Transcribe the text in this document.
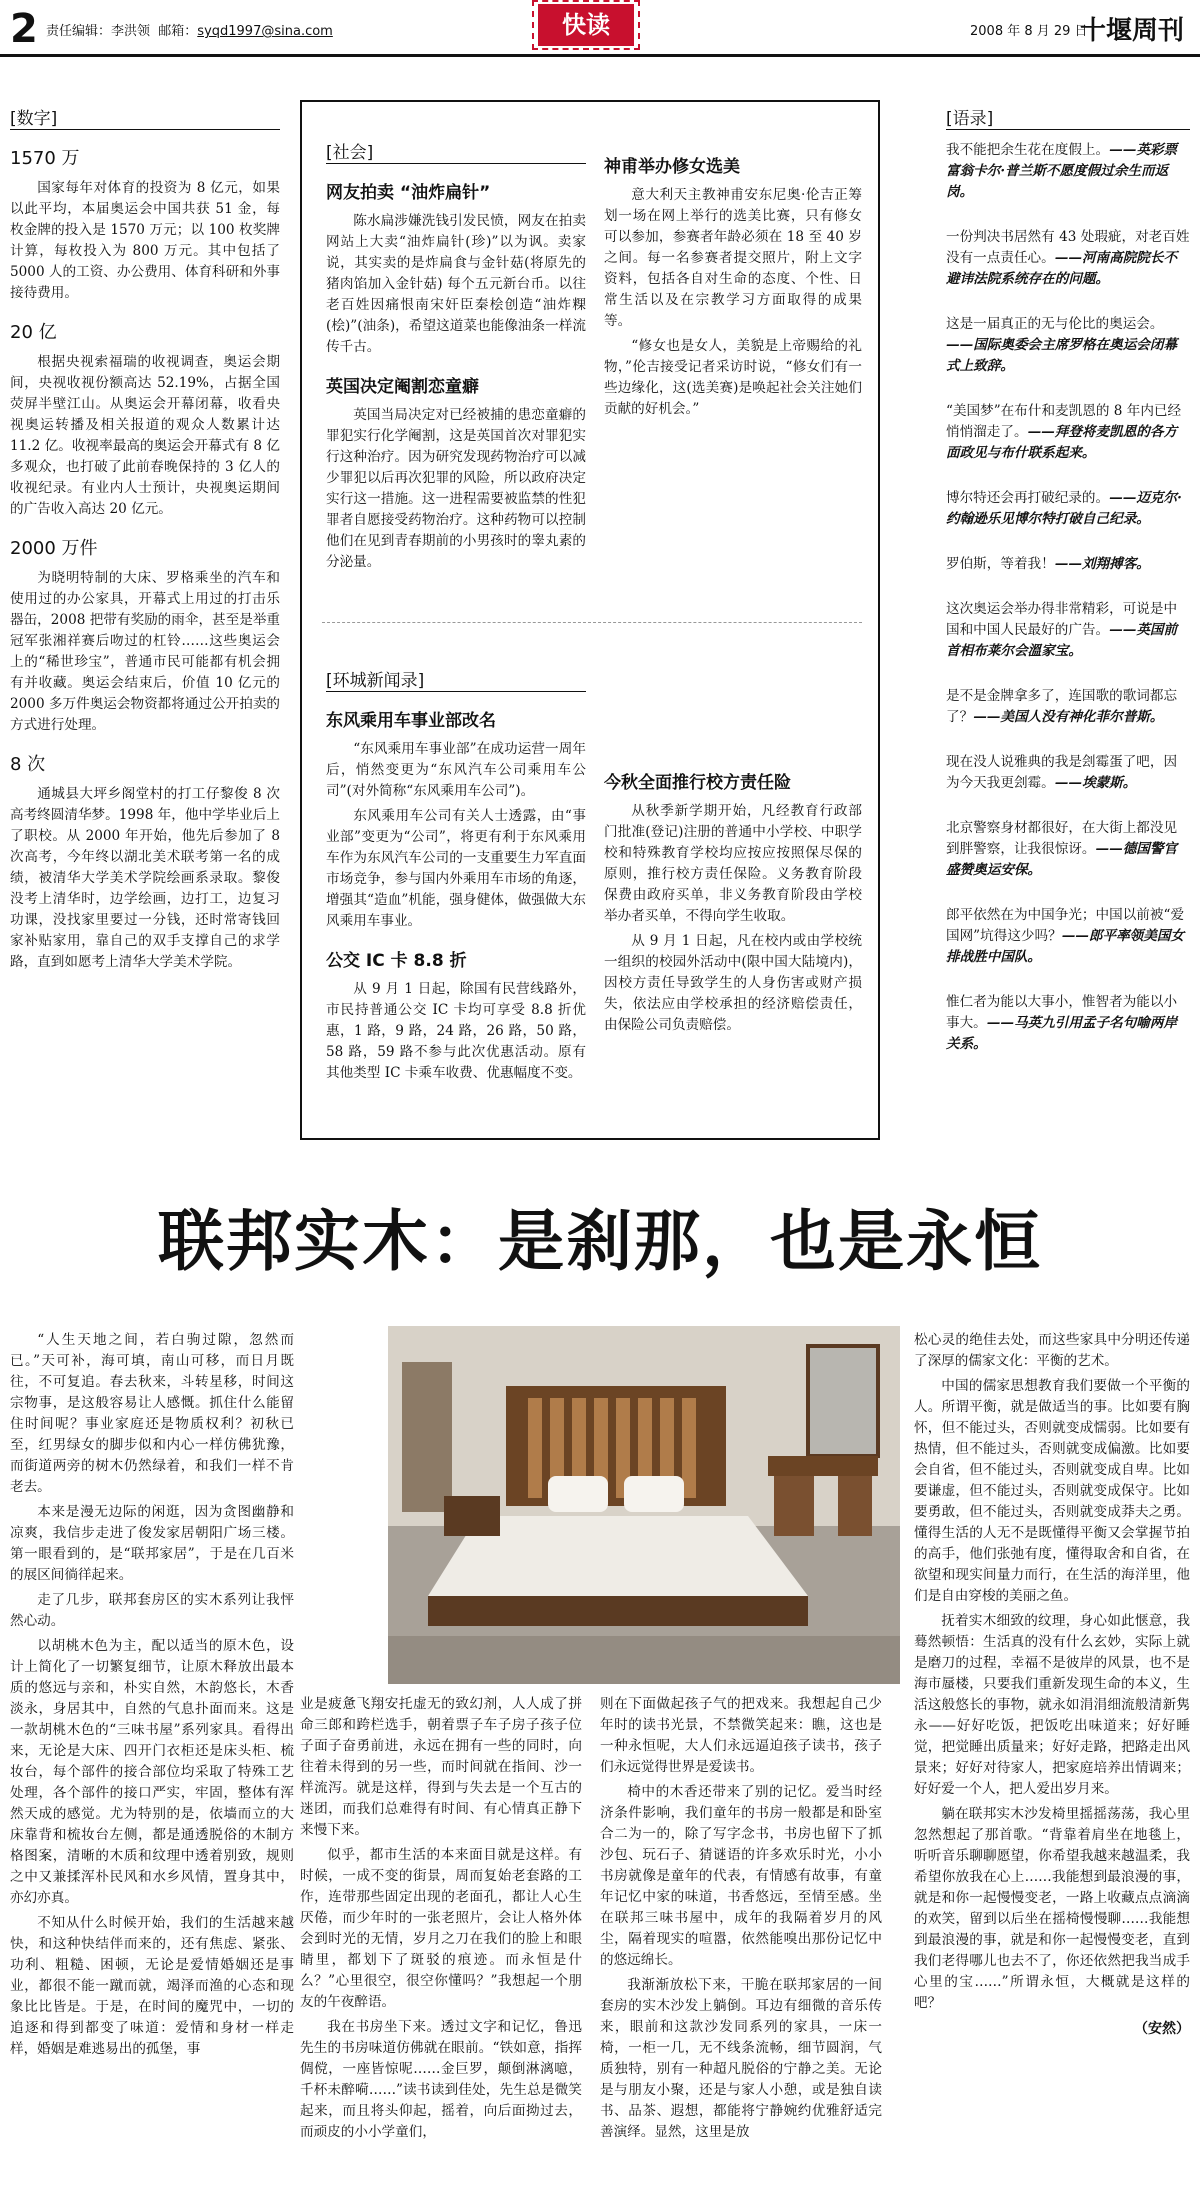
2 责任编辑：李洪领 邮箱：syqd1997@sina.com	快读	2008 年 8 月 29 日
十堰周刊
[数字]
1570 万

国家每年对体育的投资为 8 亿元，如果以此平均，本届奥运会中国共获 51 金，每枚金牌的投入是 1570 万元；以 100 枚奖牌计算，每枚投入为 800 万元。其中包括了 5000 人的工资、办公费用、体育科研和外事接待费用。

20 亿

根据央视索福瑞的收视调查，奥运会期间，央视收视份额高达 52.19%，占据全国荧屏半壁江山。从奥运会开幕闭幕，收看央视奥运转播及相关报道的观众人数累计达 11.2 亿。收视率最高的奥运会开幕式有 8 亿多观众，也打破了此前春晚保持的 3 亿人的收视纪录。有业内人士预计，央视奥运期间的广告收入高达 20 亿元。

2000 万件

为晓明特制的大床、罗格乘坐的汽车和使用过的办公家具，开幕式上用过的打击乐器缶，2008 把带有奖励的雨伞，甚至是举重冠军张湘祥赛后吻过的杠铃……这些奥运会上的“稀世珍宝”，普通市民可能都有机会拥有并收藏。奥运会结束后，价值 10 亿元的 2000 多万件奥运会物资都将通过公开拍卖的方式进行处理。

8 次

通城县大坪乡阁堂村的打工仔黎俊 8 次高考终圆清华梦。1998 年，他中学毕业后上了职校。从 2000 年开始，他先后参加了 8 次高考，今年终以湖北美术联考第一名的成绩，被清华大学美术学院绘画系录取。黎俊没考上清华时，边学绘画，边打工，边复习功课，没找家里要过一分钱，还时常寄钱回家补贴家用，靠自己的双手支撑自己的求学路，直到如愿考上清华大学美术学院。

[社会]
网友拍卖 “油炸扁针”

陈水扁涉嫌洗钱引发民愤，网友在拍卖网站上大卖“油炸扁针(珍)”以为讽。卖家说，其实卖的是炸扁食与金针菇(将原先的猪肉馅加入金针菇) 每个五元新台币。以往老百姓因痛恨南宋奸臣秦桧创造“油炸粿(桧)”(油条)，希望这道菜也能像油条一样流传千古。

英国决定阉割恋童癖

英国当局决定对已经被捕的患恋童癖的罪犯实行化学阉割，这是英国首次对罪犯实行这种治疗。因为研究发现药物治疗可以减少罪犯以后再次犯罪的风险，所以政府决定实行这一措施。这一进程需要被监禁的性犯罪者自愿接受药物治疗。这种药物可以控制他们在见到青春期前的小男孩时的睾丸素的分泌量。

神甫举办修女选美

意大利天主教神甫安东尼奥·伦吉正筹划一场在网上举行的选美比赛，只有修女可以参加，参赛者年龄必须在 18 至 40 岁之间。每一名参赛者提交照片，附上文字资料，包括各自对生命的态度、个性、日常生活以及在宗教学习方面取得的成果等。

“修女也是女人，美貌是上帝赐给的礼物，”伦吉接受记者采访时说，“修女们有一些边缘化，这(选美赛)是唤起社会关注她们贡献的好机会。”

[环城新闻录]
东风乘用车事业部改名

“东风乘用车事业部”在成功运营一周年后，悄然变更为“东风汽车公司乘用车公司”(对外简称“东风乘用车公司”)。

东风乘用车公司有关人士透露，由“事业部”变更为“公司”，将更有利于东风乘用车作为东风汽车公司的一支重要生力军直面市场竞争，参与国内外乘用车市场的角逐，增强其“造血”机能，强身健体，做强做大东风乘用车事业。

公交 IC 卡 8.8 折

从 9 月 1 日起，除国有民营线路外，市民持普通公交 IC 卡均可享受 8.8 折优惠，1 路，9 路，24 路，26 路，50 路，58 路，59 路不参与此次优惠活动。原有其他类型 IC 卡乘车收费、优惠幅度不变。

今秋全面推行校方责任险

从秋季新学期开始，凡经教育行政部门批准(登记)注册的普通中小学校、中职学校和特殊教育学校均应按应按照保尽保的原则，推行校方责任保险。义务教育阶段保费由政府买单，非义务教育阶段由学校举办者买单，不得向学生收取。

从 9 月 1 日起，凡在校内或由学校统一组织的校园外活动中(限中国大陆境内)，因校方责任导致学生的人身伤害或财产损失，依法应由学校承担的经济赔偿责任，由保险公司负责赔偿。

[语录]
我不能把余生花在度假上。——英彩票富翁卡尔·普兰斯不愿度假过余生而返岗。
一份判决书居然有 43 处瑕疵，对老百姓没有一点责任心。——河南高院院长不避讳法院系统存在的问题。
这是一届真正的无与伦比的奥运会。——国际奥委会主席罗格在奥运会闭幕式上致辞。
“美国梦”在布什和麦凯恩的 8 年内已经悄悄溜走了。——拜登将麦凯恩的各方面政见与布什联系起来。
博尔特还会再打破纪录的。——迈克尔·约翰逊乐见博尔特打破自己纪录。
罗伯斯，等着我！——刘翔搏客。
这次奥运会举办得非常精彩，可说是中国和中国人民最好的广告。——英国前首相布莱尔会溫家宝。
是不是金牌拿多了，连国歌的歌词都忘了？——美国人没有神化菲尔普斯。
现在没人说雅典的我是刽霉蛋了吧，因为今天我更刽霉。——埃蒙斯。
北京警察身材都很好，在大街上都没见到胖警察，让我很惊讶。——德国警官盛赞奥运安保。
郎平依然在为中国争光；中国以前被“爱国网”坑得这少吗？——郎平率领美国女排战胜中国队。
惟仁者为能以大事小，惟智者为能以小事大。——马英九引用孟子名句喻两岸关系。
联邦实木：是刹那，也是永恒

“人生天地之间，若白驹过隙，忽然而已。”天可补，海可填，南山可移，而日月既往，不可复追。春去秋来，斗转星移，时间这宗物事，是这般容易让人感慨。抓住什么能留住时间呢？事业家庭还是物质权利？初秋已至，红男绿女的脚步似和内心一样仿佛犹豫，而街道两旁的树木仍然绿着，和我们一样不肯老去。

本来是漫无边际的闲逛，因为贪图幽静和凉爽，我信步走进了俊发家居朝阳广场三楼。第一眼看到的，是“联邦家居”，于是在几百米的展区间徜徉起来。

走了几步，联邦套房区的实木系列让我怦然心动。

以胡桃木色为主，配以适当的原木色，设计上简化了一切繁复细节，让原木释放出最本质的悠远与亲和，朴实自然，木韵悠长，木香淡永，身居其中，自然的气息扑面而来。这是一款胡桃木色的“三味书屋”系列家具。看得出来，无论是大床、四开门衣柜还是床头柜、梳妆台，每个部件的接合部位均采取了特殊工艺处理，各个部件的接口严实，牢固，整体有浑然天成的感觉。尤为特别的是，依墙而立的大床靠背和梳妆台左侧，都是通透脱俗的木制方格图案，清晰的木质和纹理中透着别致，规则之中又兼揉浑朴民风和水乡风情，置身其中，亦幻亦真。

不知从什么时候开始，我们的生活越来越快，和这种快结伴而来的，还有焦虑、紧张、功利、粗糙、困顿，无论是爱情婚姻还是事业，都很不能一蹴而就，竭泽而渔的心态和现象比比皆是。于是，在时间的魔咒中，一切的追逐和得到都变了味道：爱情和身材一样走样，婚姻是难逃易出的孤堡，事

业是疲惫飞翔安托虚无的致幻剂，人人成了拼命三郎和跨栏选手，朝着票子车子房子孩子位子面子奋勇前进，永远在拥有一些的同时，向往着未得到的另一些，而时间就在指间、沙一样流泻。就是这样，得到与失去是一个互古的迷团，而我们总难得有时间、有心情真正静下来慢下来。

似乎，都市生活的本来面目就是这样。有时候，一成不变的街景，周而复始老套路的工作，连带那些固定出现的老面孔，都让人心生厌倦，而少年时的一张老照片，会让人格外体会到时光的无情，岁月之刀在我们的脸上和眼睛里，都划下了斑驳的痕迹。而永恒是什么？”心里很空，很空你懂吗？”我想起一个朋友的午夜醉语。

我在书房坐下来。透过文字和记忆，鲁迅先生的书房味道仿佛就在眼前。“铁如意，指挥倜傥，一座皆惊呢……金巨罗，颠倒淋漓噫，千杯未醉嗬……”读书读到佳处，先生总是微笑起来，而且将头仰起，摇着，向后面拗过去，而顽皮的小小学童们，

则在下面做起孩子气的把戏来。我想起自己少年时的读书光景，不禁微笑起来：瞧，这也是一种永恒呢，大人们永远逼迫孩子读书，孩子们永远觉得世界是爱读书。

椅中的木香还带来了别的记忆。爱当时经济条件影响，我们童年的书房一般都是和卧室合二为一的，除了写字念书，书房也留下了抓沙包、玩石子、猜谜语的许多欢乐时光，小小书房就像是童年的代表，有情感有故事，有童年记忆中家的味道，书香悠远，至情至感。坐在联邦三味书屋中，成年的我隔着岁月的风尘，隔着现实的喧嚣，依然能嗅出那份记忆中的悠远绵长。

我渐渐放松下来，干脆在联邦家居的一间套房的实木沙发上躺倒。耳边有细微的音乐传来，眼前和这款沙发同系列的家具，一床一椅，一柜一几，无不线条流畅，细节圆润，气质独特，别有一种超凡脱俗的宁静之美。无论是与朋友小聚，还是与家人小憩，或是独自读书、品茶、遐想，都能将宁静婉约优雅舒适完善演绎。显然，这里是放

松心灵的绝佳去处，而这些家具中分明还传递了深厚的儒家文化：平衡的艺术。

中国的儒家思想教育我们要做一个平衡的人。所谓平衡，就是做适当的事。比如要有胸怀，但不能过头，否则就变成懦弱。比如要有热情，但不能过头，否则就变成偏激。比如要会自省，但不能过头，否则就变成自卑。比如要谦虚，但不能过头，否则就变成保守。比如要勇敢，但不能过头，否则就变成莽夫之勇。懂得生活的人无不是既懂得平衡又会掌握节拍的高手，他们张弛有度，懂得取舍和自省，在欲望和现实间量力而行，在生活的海洋里，他们是自由穿梭的美丽之鱼。

抚着实木细致的纹理，身心如此惬意，我蓦然顿悟：生活真的没有什么玄妙，实际上就是磨刀的过程，幸福不是彼岸的风景，也不是海市蜃楼，只要我们重新发现生命的本义，生活这般悠长的事物，就永如涓涓细流般清新隽永——好好吃饭，把饭吃出味道来；好好睡觉，把觉睡出质量来；好好走路，把路走出风景来；好好对待家人，把家庭培养出情调来；好好爱一个人，把人爱出岁月来。

躺在联邦实木沙发椅里摇摇荡荡，我心里忽然想起了那首歌。“背靠着肩坐在地毯上，听听音乐聊聊愿望，你希望我越来越温柔，我希望你放我在心上……我能想到最浪漫的事，就是和你一起慢慢变老，一路上收藏点点滴滴的欢笑，留到以后坐在摇椅慢慢聊……我能想到最浪漫的事，就是和你一起慢慢变老，直到我们老得哪儿也去不了，你还依然把我当成手心里的宝……”所谓永恒，大概就是这样的吧？

（安然）
